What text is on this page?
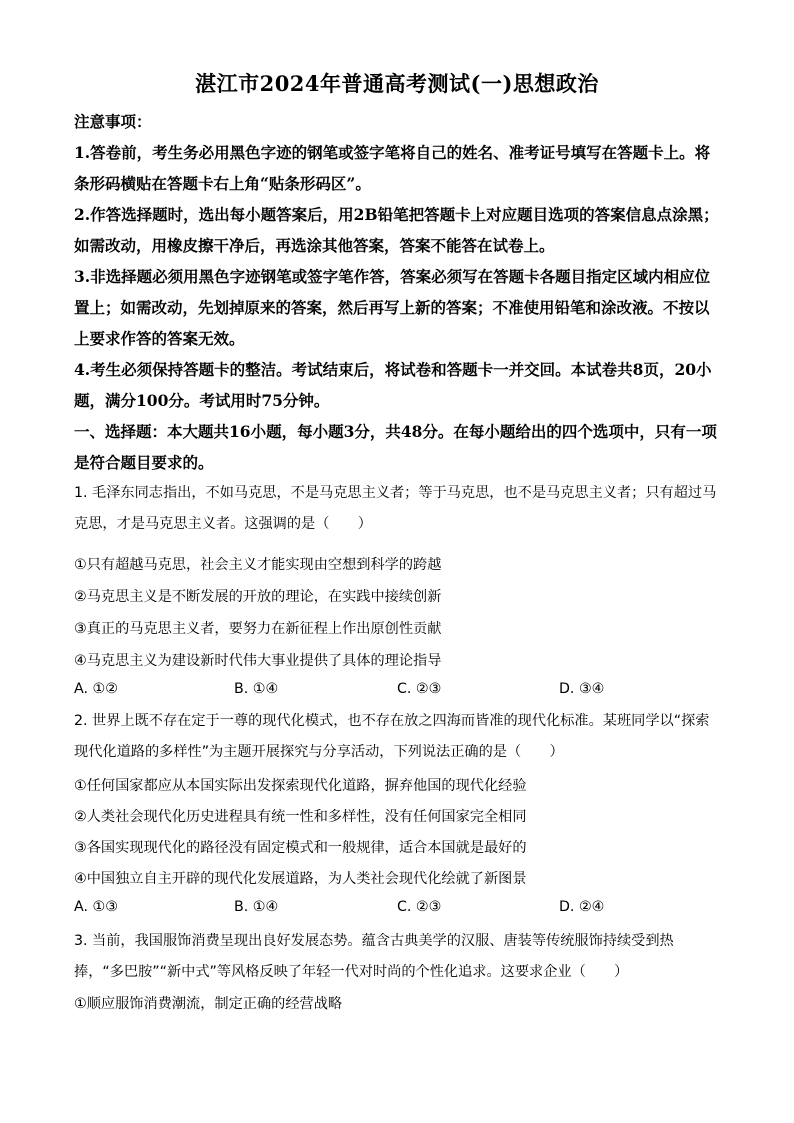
湛江市2024年普通高考测试(一)思想政治
注意事项：
1.答卷前，考生务必用黑色字迹的钢笔或签字笔将自己的姓名、准考证号填写在答题卡上。将条形码横贴在答题卡右上角“贴条形码区”。
2.作答选择题时，选出每小题答案后，用2B铅笔把答题卡上对应题目选项的答案信息点涂黑；如需改动，用橡皮擦干净后，再选涂其他答案，答案不能答在试卷上。
3.非选择题必须用黑色字迹钢笔或签字笔作答，答案必须写在答题卡各题目指定区域内相应位置上；如需改动，先划掉原来的答案，然后再写上新的答案；不准使用铅笔和涂改液。不按以上要求作答的答案无效。
4.考生必须保持答题卡的整洁。考试结束后，将试卷和答题卡一并交回。本试卷共8页，20小题，满分100分。考试用时75分钟。
一、选择题：本大题共16小题，每小题3分，共48分。在每小题给出的四个选项中，只有一项是符合题目要求的。
1. 毛泽东同志指出，不如马克思，不是马克思主义者；等于马克思，也不是马克思主义者；只有超过马克思，才是马克思主义者。这强调的是（　　）
①只有超越马克思，社会主义才能实现由空想到科学的跨越
②马克思主义是不断发展的开放的理论，在实践中接续创新
③真正的马克思主义者，要努力在新征程上作出原创性贡献
④马克思主义为建设新时代伟大事业提供了具体的理论指导
A. ①②	B. ①④	C. ②③	D. ③④
2. 世界上既不存在定于一尊的现代化模式，也不存在放之四海而皆准的现代化标准。某班同学以“探索现代化道路的多样性”为主题开展探究与分享活动，下列说法正确的是（　　）
①任何国家都应从本国实际出发探索现代化道路，摒弃他国的现代化经验
②人类社会现代化历史进程具有统一性和多样性，没有任何国家完全相同
③各国实现现代化的路径没有固定模式和一般规律，适合本国就是最好的
④中国独立自主开辟的现代化发展道路，为人类社会现代化绘就了新图景
A. ①③	B. ①④	C. ②③	D. ②④
3. 当前，我国服饰消费呈现出良好发展态势。蕴含古典美学的汉服、唐装等传统服饰持续受到热捧，“多巴胺”“新中式”等风格反映了年轻一代对时尚的个性化追求。这要求企业（　　）
①顺应服饰消费潮流，制定正确的经营战略
